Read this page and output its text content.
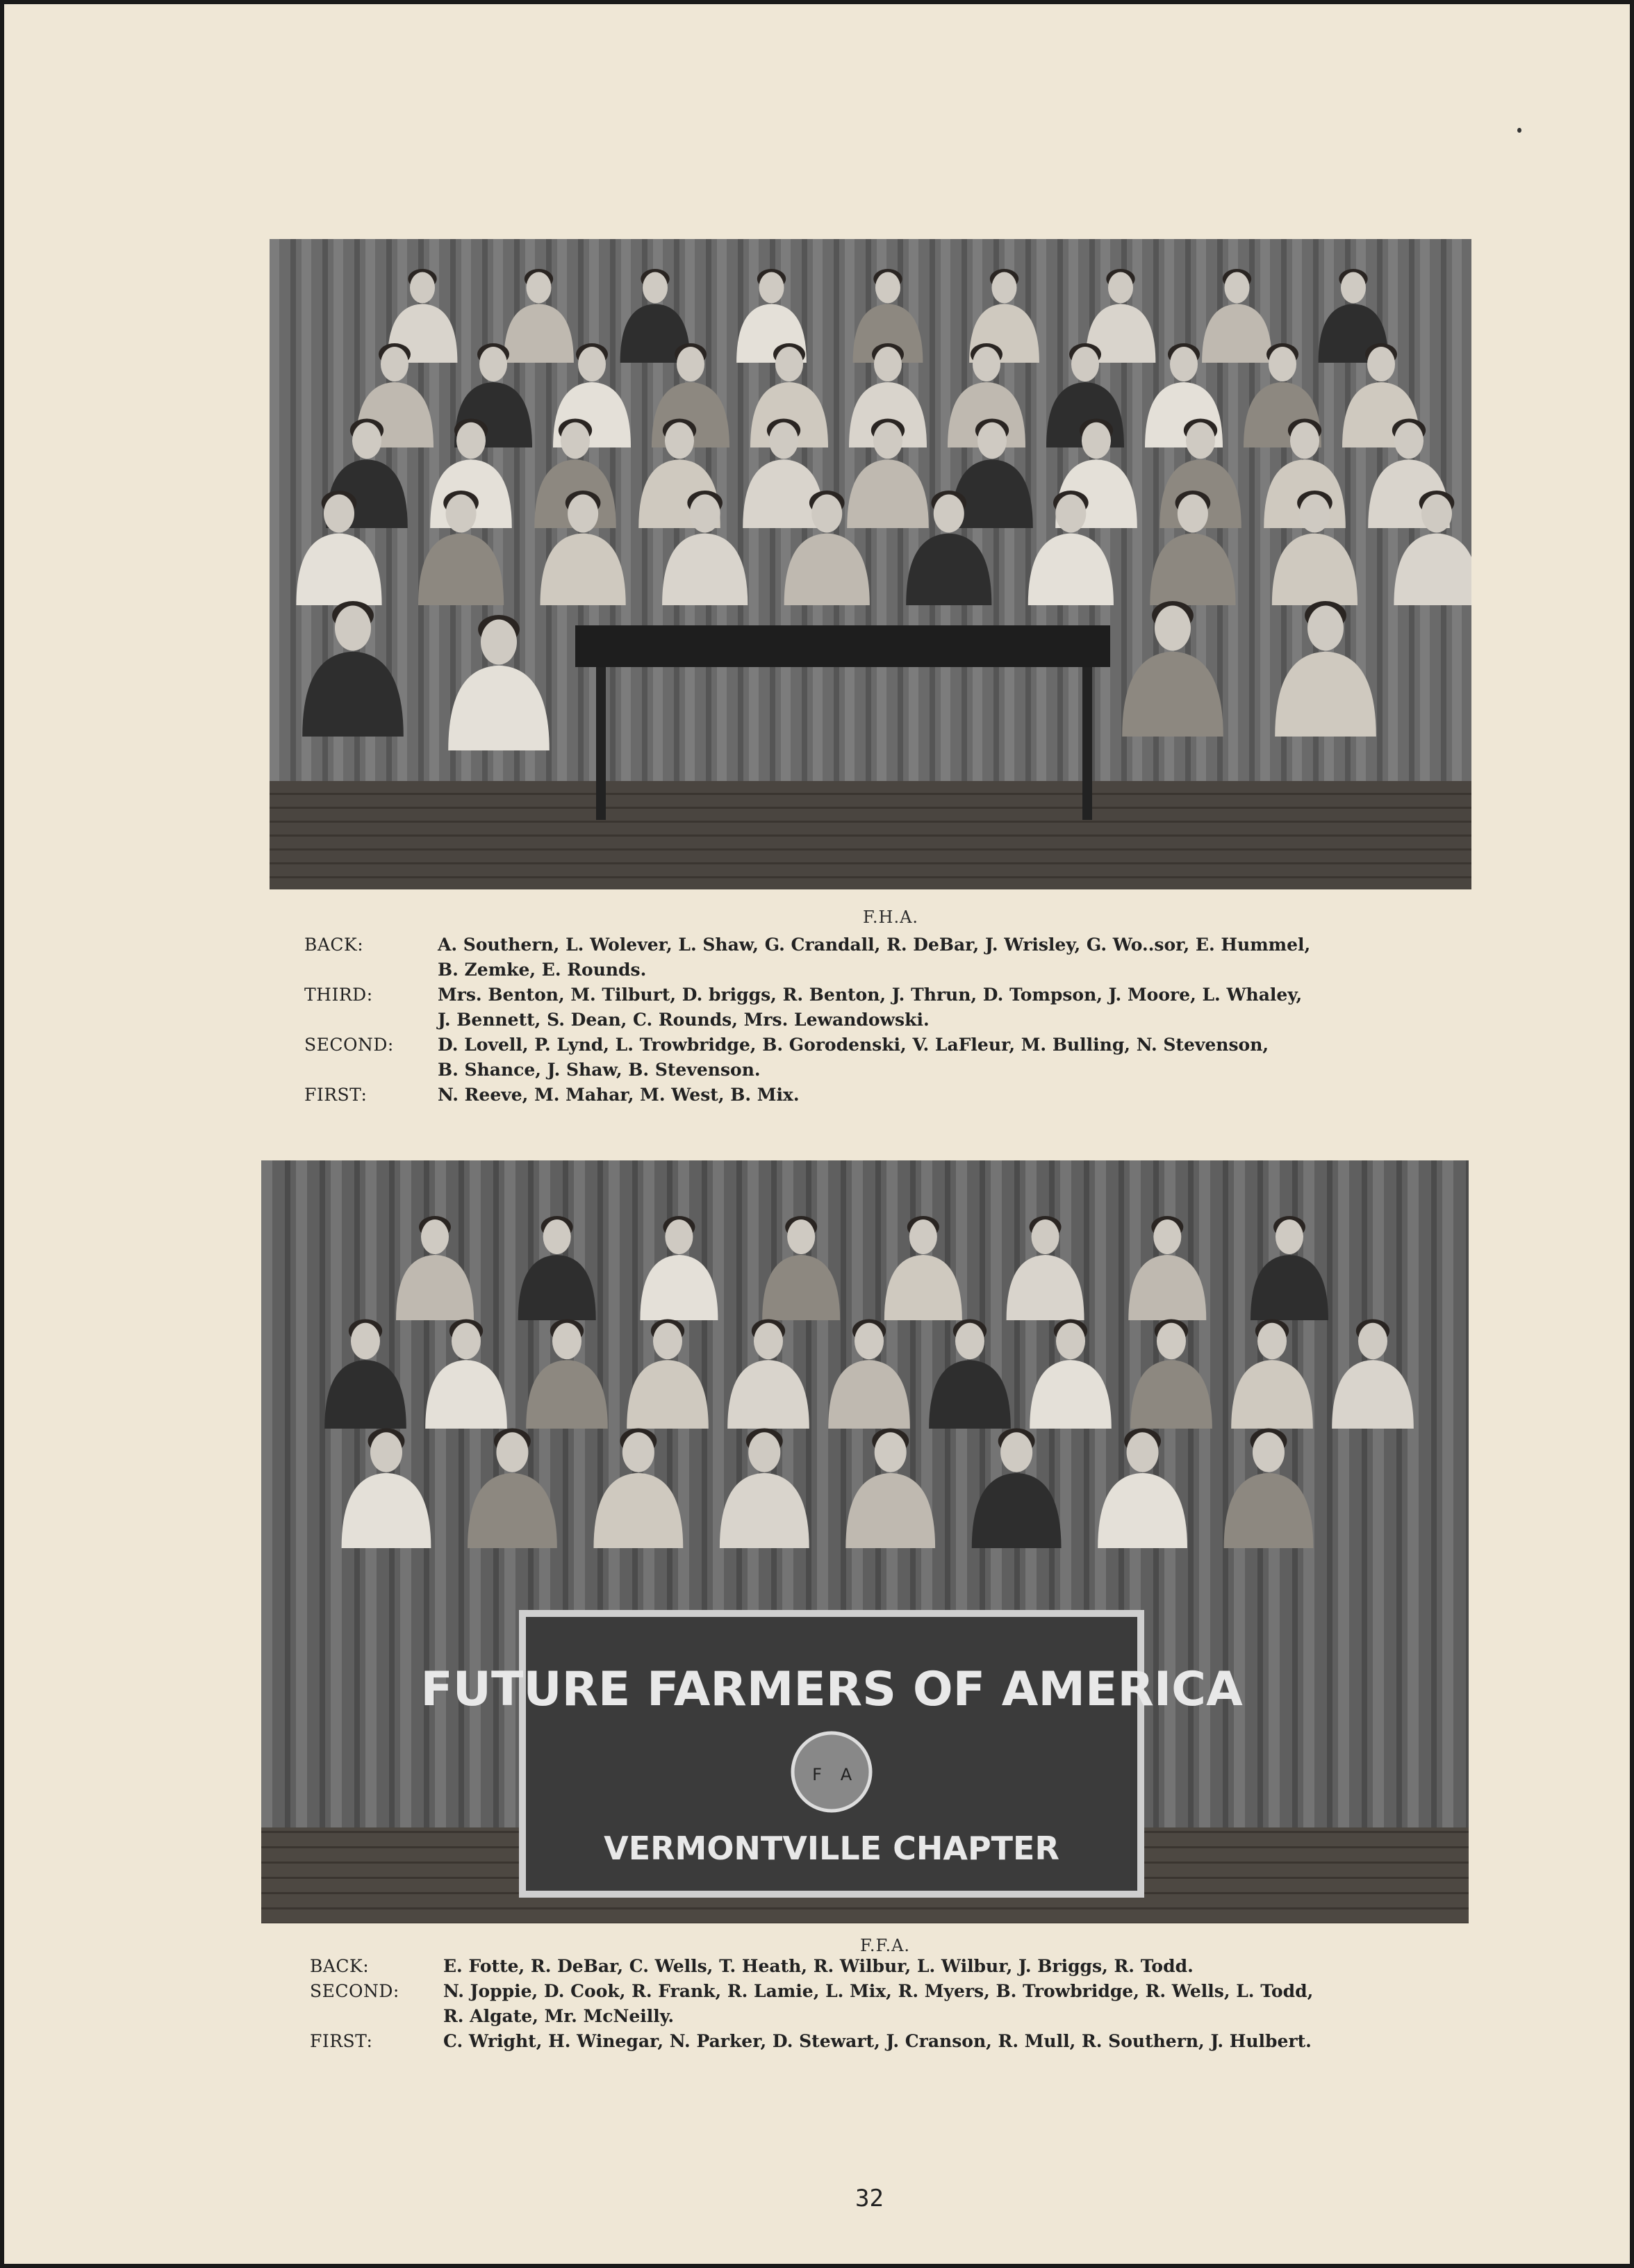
F.H.A.
BACK:	A. Southern, L. Wolever, L. Shaw, G. Crandall, R. DeBar, J. Wrisley, G. Wo..sor, E. Hummel,
B. Zemke, E. Rounds.
THIRD:	Mrs. Benton, M. Tilburt, D. briggs, R. Benton, J. Thrun, D. Tompson, J. Moore, L. Whaley,
J. Bennett, S. Dean, C. Rounds, Mrs. Lewandowski.
SECOND:	D. Lovell, P. Lynd, L. Trowbridge, B. Gorodenski, V. LaFleur, M. Bulling, N. Stevenson,
B. Shance, J. Shaw, B. Stevenson.
FIRST:	N. Reeve, M. Mahar, M. West, B. Mix.
FUTURE FARMERS OF AMERICA
F A
VERMONTVILLE CHAPTER
F.F.A.
BACK:	E. Fotte, R. DeBar, C. Wells, T. Heath, R. Wilbur, L. Wilbur, J. Briggs, R. Todd.
SECOND:	N. Joppie, D. Cook, R. Frank, R. Lamie, L. Mix, R. Myers, B. Trowbridge, R. Wells, L. Todd,
R. Algate, Mr. McNeilly.
FIRST:	C. Wright, H. Winegar, N. Parker, D. Stewart, J. Cranson, R. Mull, R. Southern, J. Hulbert.
32
